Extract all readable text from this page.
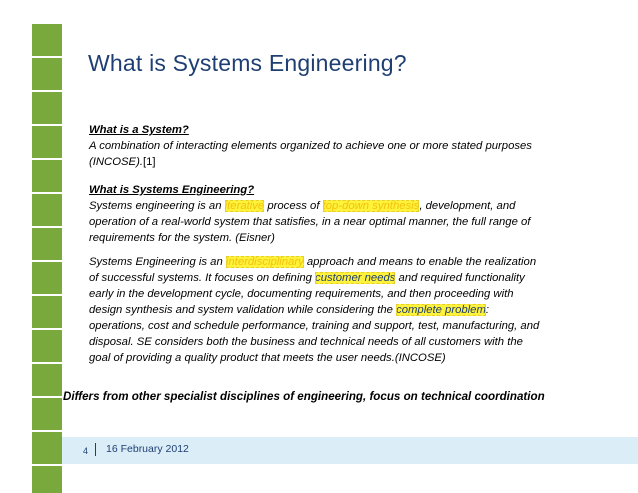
What is Systems Engineering?

What is a System?

A combination of interacting elements organized to achieve one or more stated purposes

(INCOSE).[1]

What is Systems Engineering?

Systems engineering is an iterative process of top-down synthesis, development, and

operation of a real-world system that satisfies, in a near optimal manner, the full range of

requirements for the system. (Eisner)

Systems Engineering is an interdisciplinary approach and means to enable the realization

of successful systems. It focuses on defining customer needs and required functionality

early in the development cycle, documenting requirements, and then proceeding with

design synthesis and system validation while considering the complete problem:

operations, cost and schedule performance, training and support, test, manufacturing, and

disposal. SE considers both the business and technical needs of all customers with the

goal of providing a quality product that meets the user needs.(INCOSE)

Differs from other specialist disciplines of engineering, focus on technical coordination
4 16 February 2012
